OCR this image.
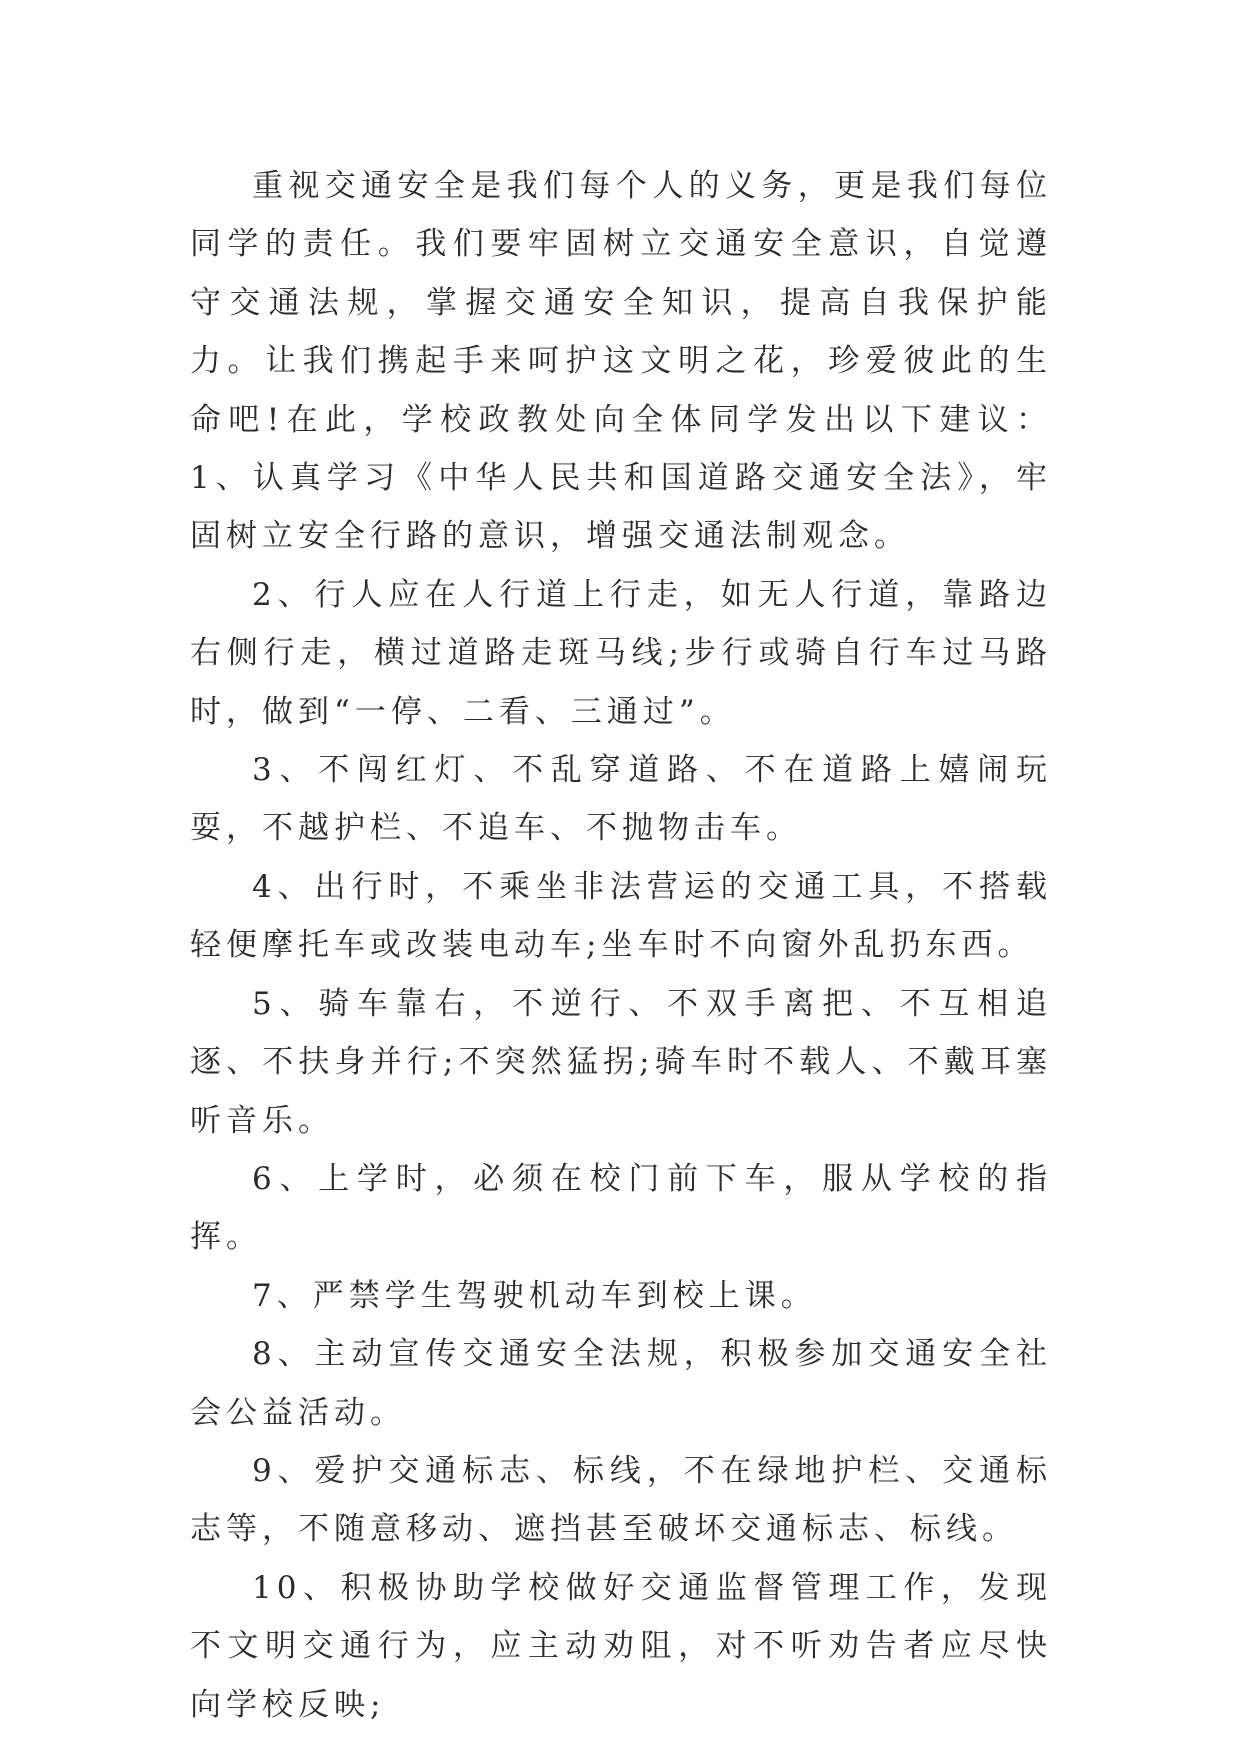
重视交通安全是我们每个人的义务，更是我们每位同学的责任。我们要牢固树立交通安全意识，自觉遵守交通法规，掌握交通安全知识，提高自我保护能力。让我们携起手来呵护这文明之花，珍爱彼此的生命吧!在此，学校政教处向全体同学发出以下建议：1、认真学习《中华人民共和国道路交通安全法》，牢固树立安全行路的意识，增强交通法制观念。

2、行人应在人行道上行走，如无人行道，靠路边右侧行走，横过道路走斑马线;步行或骑自行车过马路时，做到“一停、二看、三通过”。

3、不闯红灯、不乱穿道路、不在道路上嬉闹玩耍，不越护栏、不追车、不抛物击车。

4、出行时，不乘坐非法营运的交通工具，不搭载轻便摩托车或改装电动车;坐车时不向窗外乱扔东西。

5、骑车靠右，不逆行、不双手离把、不互相追逐、不扶身并行;不突然猛拐;骑车时不载人、不戴耳塞听音乐。

6、上学时，必须在校门前下车，服从学校的指挥。

7、严禁学生驾驶机动车到校上课。

8、主动宣传交通安全法规，积极参加交通安全社会公益活动。

9、爱护交通标志、标线，不在绿地护栏、交通标志等，不随意移动、遮挡甚至破坏交通标志、标线。

10、积极协助学校做好交通监督管理工作，发现不文明交通行为，应主动劝阻，对不听劝告者应尽快向学校反映;
